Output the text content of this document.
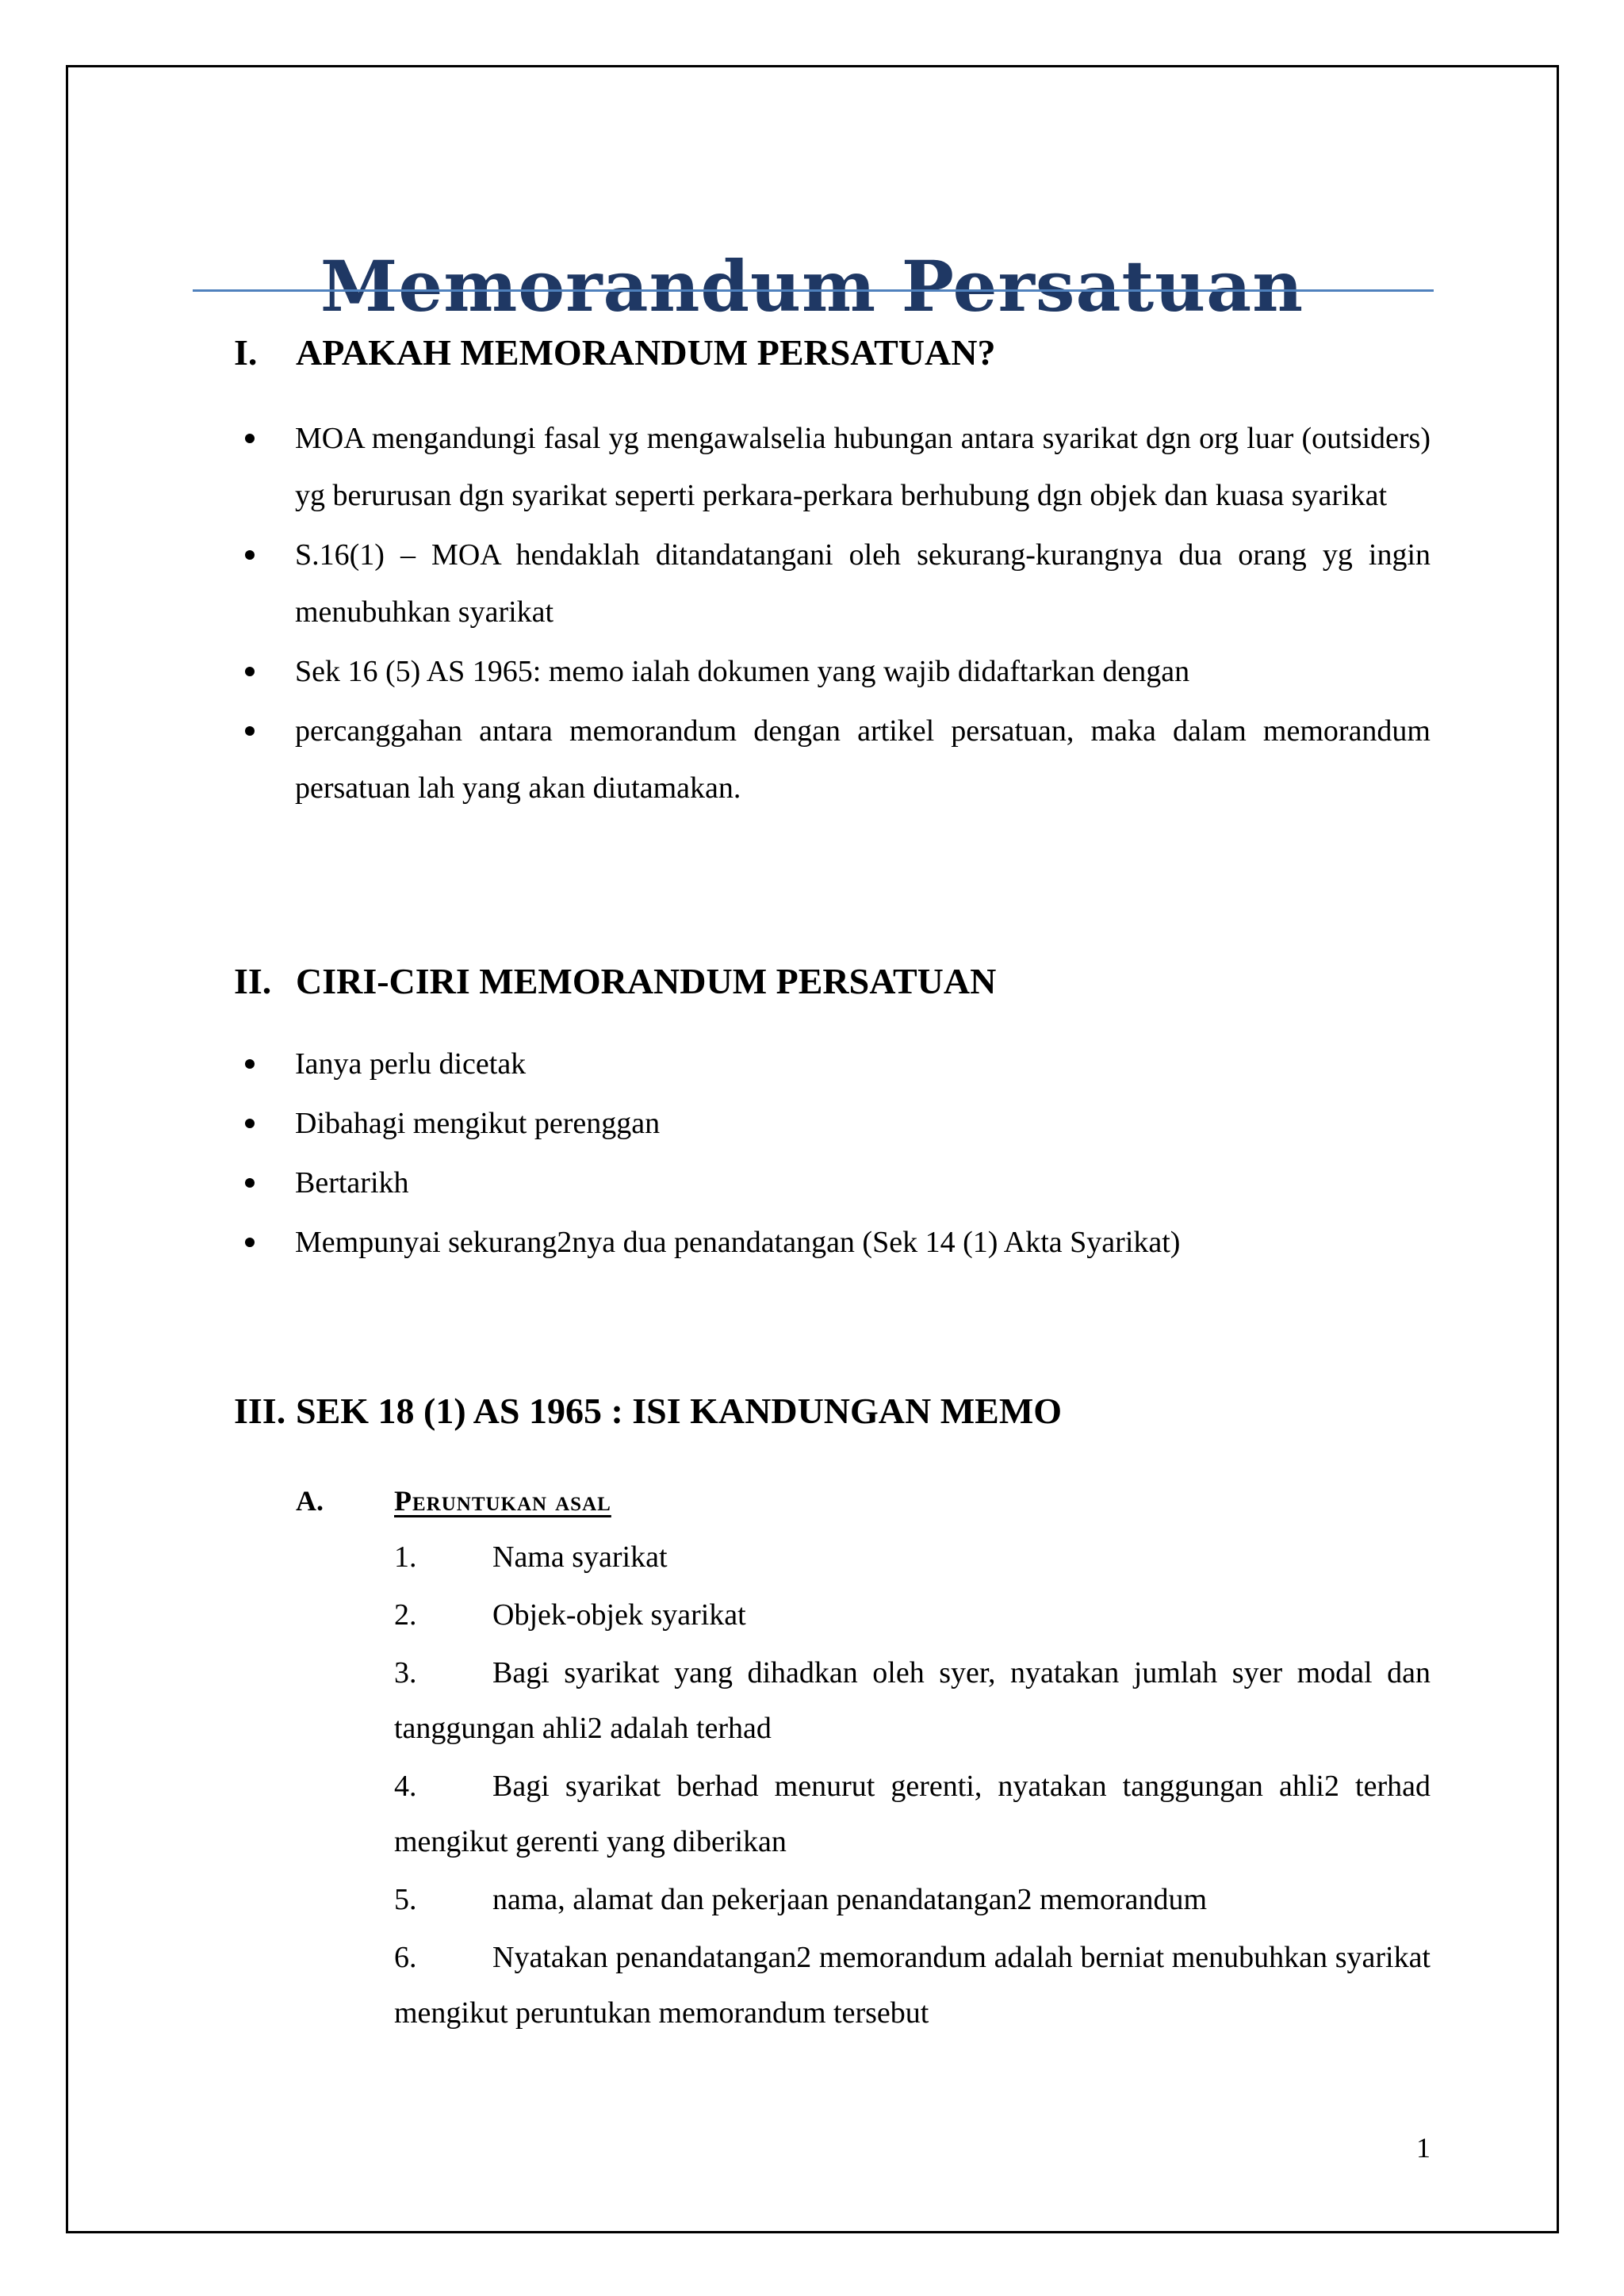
Memorandum Persatuan
I. APAKAH MEMORANDUM PERSATUAN?
MOA mengandungi fasal yg mengawalselia hubungan antara syarikat dgn org luar (outsiders) yg berurusan dgn syarikat seperti perkara-perkara berhubung dgn objek dan kuasa syarikat
S.16(1) – MOA hendaklah ditandatangani oleh sekurang-kurangnya dua orang yg ingin menubuhkan syarikat
Sek 16 (5) AS 1965: memo ialah dokumen yang wajib didaftarkan dengan
percanggahan antara memorandum dengan artikel persatuan, maka dalam memorandum persatuan lah yang akan diutamakan.
II. CIRI-CIRI MEMORANDUM PERSATUAN
Ianya perlu dicetak
Dibahagi mengikut perenggan
Bertarikh
Mempunyai sekurang2nya dua penandatangan (Sek 14 (1) Akta Syarikat)
III. SEK 18 (1) AS 1965 : ISI KANDUNGAN MEMO
A. Peruntukan asal
1.	Nama syarikat
2.	Objek-objek syarikat
3.	Bagi syarikat yang dihadkan oleh syer, nyatakan jumlah syer modal dan tanggungan ahli2 adalah terhad
4.	Bagi syarikat berhad menurut gerenti, nyatakan tanggungan ahli2 terhad mengikut gerenti yang diberikan
5.	nama, alamat dan pekerjaan penandatangan2 memorandum
6.	Nyatakan penandatangan2 memorandum adalah berniat menubuhkan syarikat mengikut peruntukan memorandum tersebut
1
